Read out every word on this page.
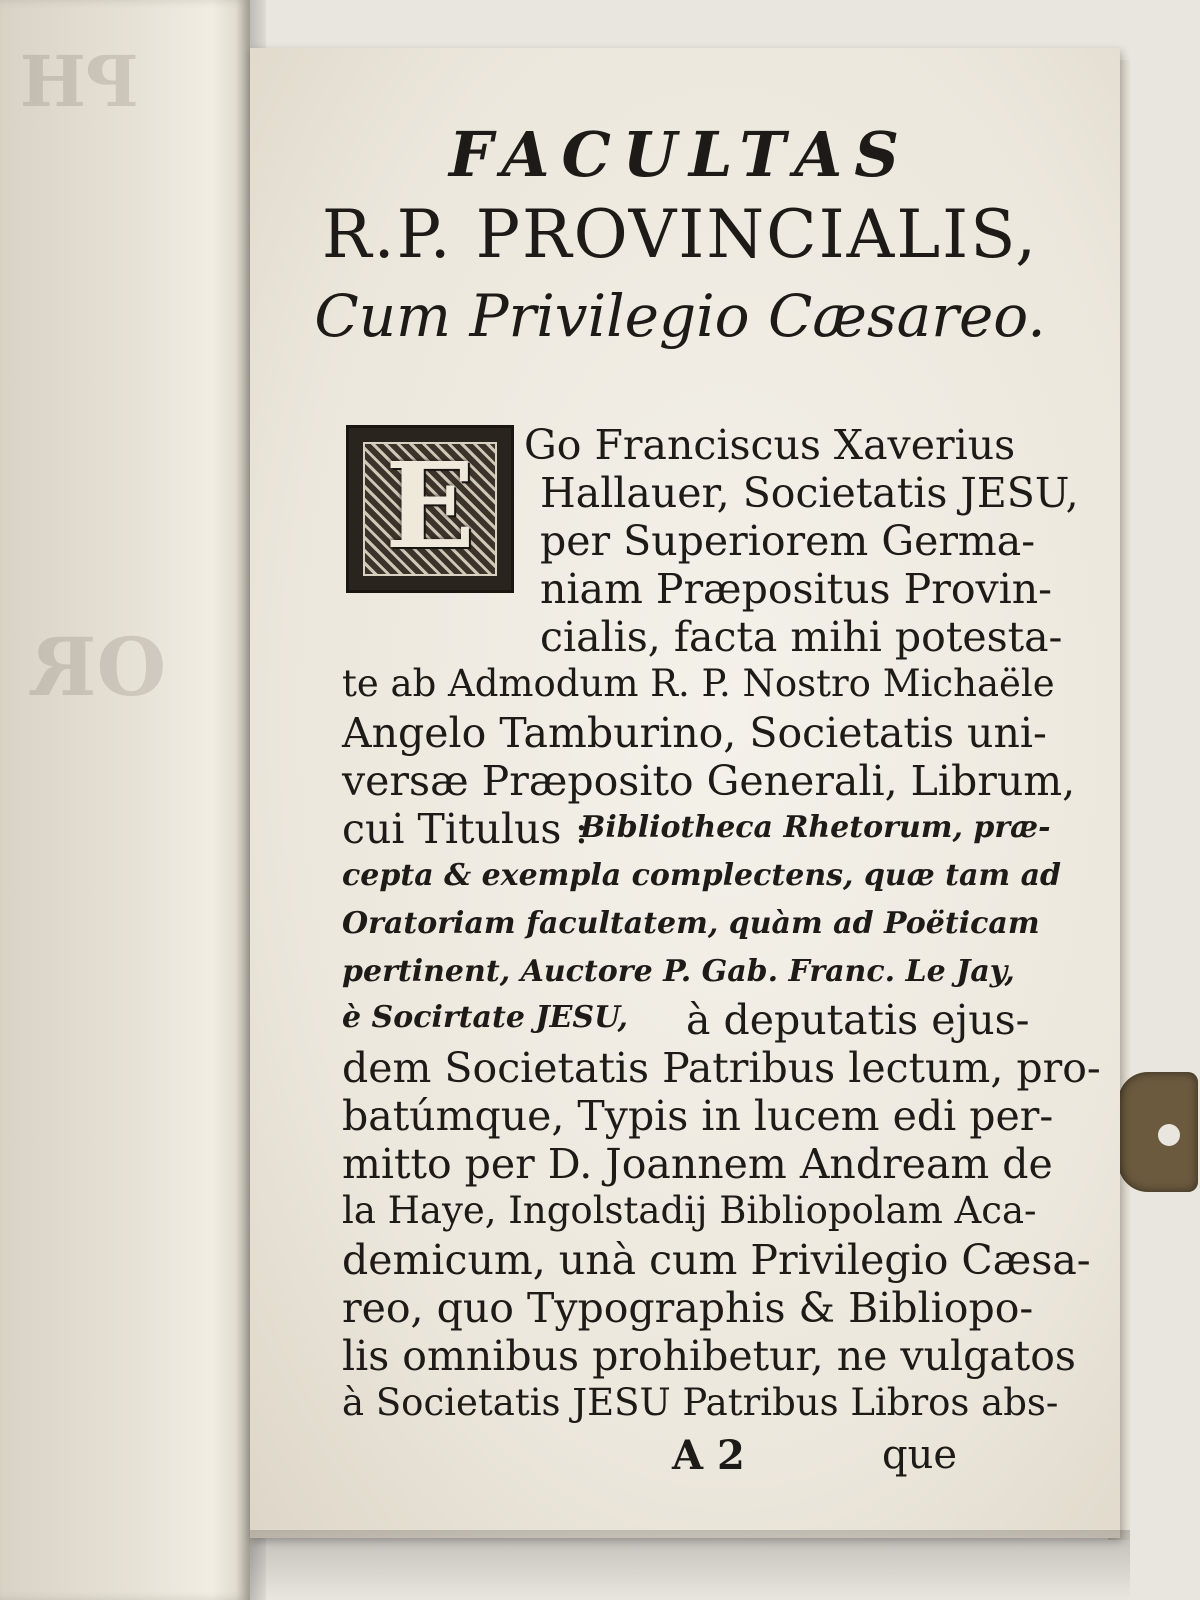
PH
OR
FACULTAS
R.P. PROVINCIALIS,
Cum Privilegio Cæsareo.
E	Go Franciscus Xaverius
Hallauer, Societatis JESU,
per Superiorem Germa-
niam Præpositus Provin-
cialis, facta mihi potesta-
te ab Admodum R. P. Nostro Michaële
Angelo Tamburino, Societatis uni-
versæ Præposito Generali, Librum,
cui Titulus :
Bibliotheca Rhetorum, præ-
cepta & exempla complectens, quæ tam ad
Oratoriam facultatem, quàm ad Poëticam
pertinent, Auctore P. Gab. Franc. Le Jay,
è Socirtate JESU, à deputatis ejus-
dem Societatis Patribus lectum, pro-
batúmque, Typis in lucem edi per-
mitto per D. Joannem Andream de
la Haye, Ingolstadij Bibliopolam Aca-
demicum, unà cum Privilegio Cæsa-
reo, quo Typographis & Bibliopo-
lis omnibus prohibetur, ne vulgatos
à Societatis JESU Patribus Libros abs-
A 2	que
